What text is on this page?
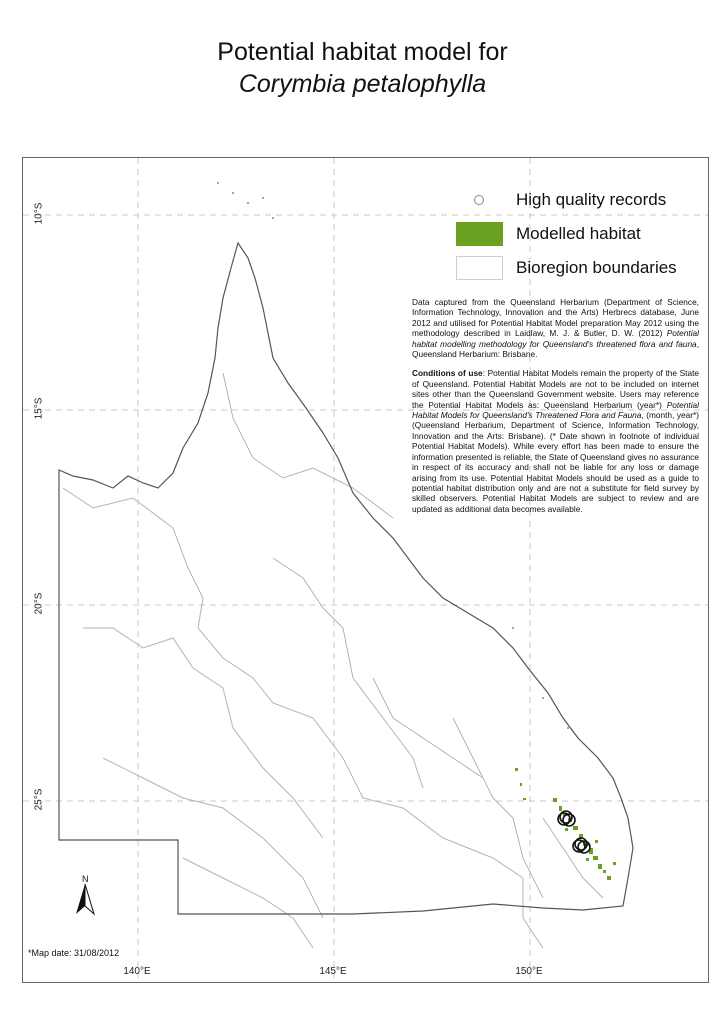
Potential habitat model for
Corymbia petalophylla
10°S
15°S
20°S
25°S
140°E	145°E	150°E
High quality records
Modelled habitat
Bioregion boundaries

Data captured from the Queensland Herbarium (Department of Science, Information Technology, Innovation and the Arts) Herbrecs database, June 2012 and utilised for Potential Habitat Model preparation May 2012 using the methodology described in Laidlaw, M. J. & Butler, D. W. (2012) Potential habitat modelling methodology for Queensland's threatened flora and fauna, Queensland Herbarium: Brisbane.

Conditions of use: Potential Habitat Models remain the property of the State of Queensland. Potential Habitat Models are not to be included on internet sites other than the Queensland Government website. Users may reference the Potential Habitat Models as: Queensland Herbarium (year*) Potential Habitat Models for Queensland's Threatened Flora and Fauna, (month, year*) (Queensland Herbarium, Department of Science, Information Technology, Innovation and the Arts: Brisbane). (* Date shown in footnote of individual Potential Habitat Models). While every effort has been made to ensure the information presented is reliable, the State of Queensland gives no assurance in respect of its accuracy and shall not be liable for any loss or damage arising from its use. Potential Habitat Models should be used as a guide to potential habitat distribution only and are not a substitute for field survey by skilled observers. Potential Habitat Models are subject to review and are updated as additional data becomes available.

N
*Map date: 31/08/2012
